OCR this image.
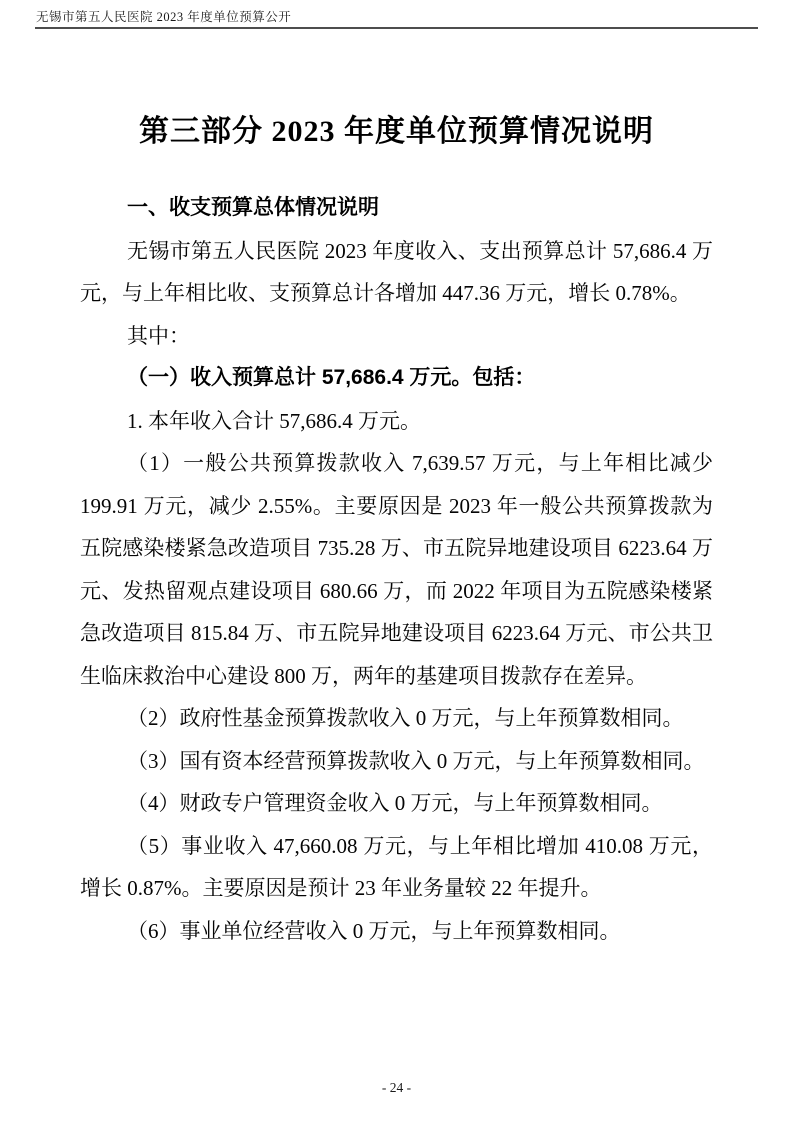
无锡市第五人民医院 2023 年度单位预算公开
第三部分 2023 年度单位预算情况说明

一、收支预算总体情况说明

无锡市第五人民医院 2023 年度收入、支出预算总计 57,686.4 万元，与上年相比收、支预算总计各增加 447.36 万元，增长 0.78%。

其中：

（一）收入预算总计 57,686.4 万元。包括：

1. 本年收入合计 57,686.4 万元。

（1）一般公共预算拨款收入 7,639.57 万元，与上年相比减少 199.91 万元，减少 2.55%。主要原因是 2023 年一般公共预算拨款为五院感染楼紧急改造项目 735.28 万、市五院异地建设项目 6223.64 万元、发热留观点建设项目 680.66 万，而 2022 年项目为五院感染楼紧急改造项目 815.84 万、市五院异地建设项目 6223.64 万元、市公共卫生临床救治中心建设 800 万，两年的基建项目拨款存在差异。

（2）政府性基金预算拨款收入 0 万元，与上年预算数相同。

（3）国有资本经营预算拨款收入 0 万元，与上年预算数相同。

（4）财政专户管理资金收入 0 万元，与上年预算数相同。

（5）事业收入 47,660.08 万元，与上年相比增加 410.08 万元，增长 0.87%。主要原因是预计 23 年业务量较 22 年提升。

（6）事业单位经营收入 0 万元，与上年预算数相同。

- 24 -
